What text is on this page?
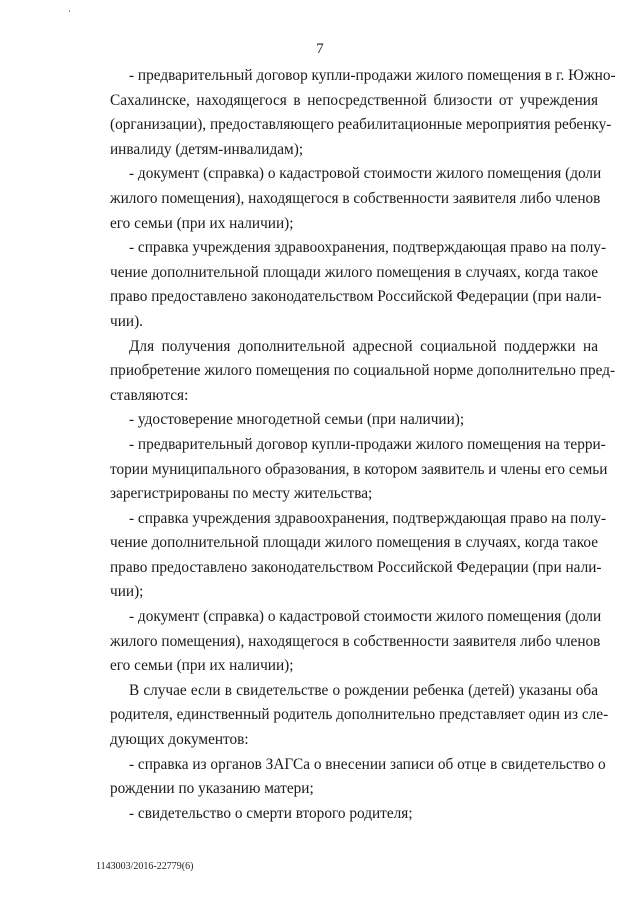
7
- предварительный договор купли-продажи жилого помещения в г. Южно-
Сахалинске, находящегося в непосредственной близости от учреждения
(организации), предоставляющего реабилитационные мероприятия ребенку-
инвалиду (детям-инвалидам);
- документ (справка) о кадастровой стоимости жилого помещения (доли
жилого помещения), находящегося в собственности заявителя либо членов
его семьи (при их наличии);
- справка учреждения здравоохранения, подтверждающая право на полу-
чение дополнительной площади жилого помещения в случаях, когда такое
право предоставлено законодательством Российской Федерации (при нали-
чии).
Для получения дополнительной адресной социальной поддержки на
приобретение жилого помещения по социальной норме дополнительно пред-
ставляются:
- удостоверение многодетной семьи (при наличии);
- предварительный договор купли-продажи жилого помещения на терри-
тории муниципального образования, в котором заявитель и члены его семьи
зарегистрированы по месту жительства;
- справка учреждения здравоохранения, подтверждающая право на полу-
чение дополнительной площади жилого помещения в случаях, когда такое
право предоставлено законодательством Российской Федерации (при нали-
чии);
- документ (справка) о кадастровой стоимости жилого помещения (доли
жилого помещения), находящегося в собственности заявителя либо членов
его семьи (при их наличии);
В случае если в свидетельстве о рождении ребенка (детей) указаны оба
родителя, единственный родитель дополнительно представляет один из сле-
дующих документов:
- справка из органов ЗАГСа о внесении записи об отце в свидетельство о
рождении по указанию матери;
- свидетельство о смерти второго родителя;
1143003/2016-22779(6)
